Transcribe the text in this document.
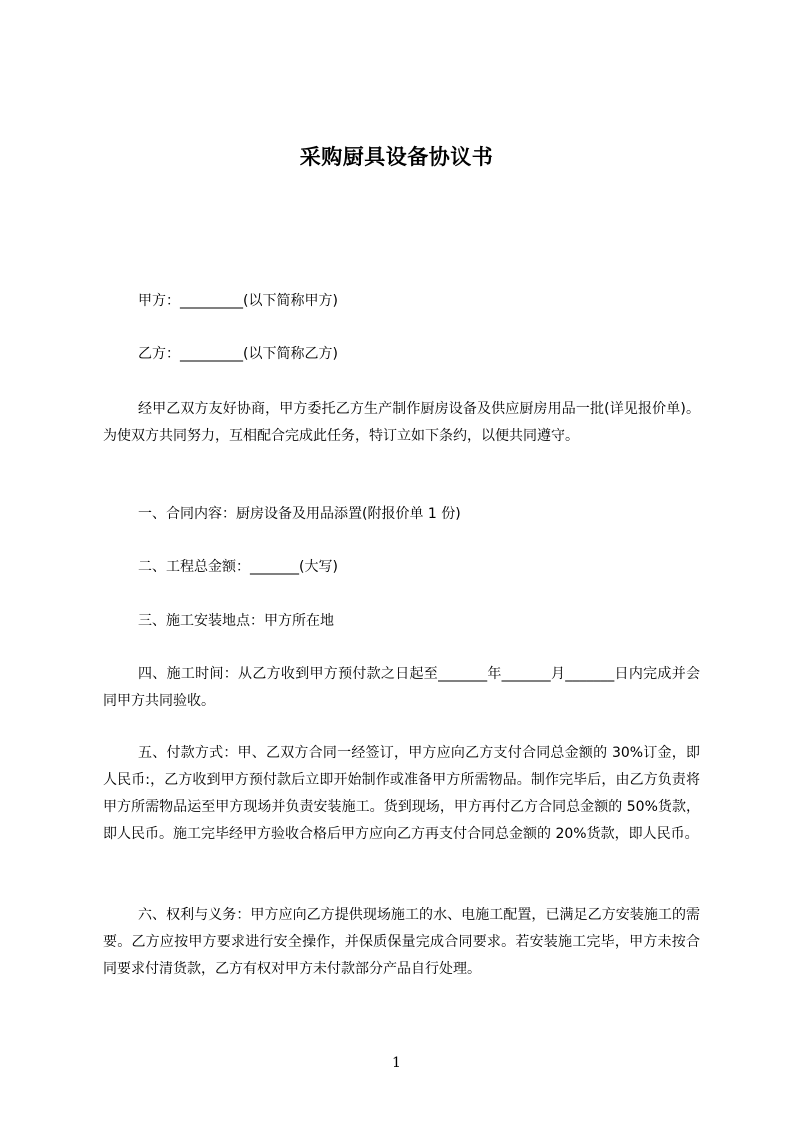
采购厨具设备协议书

甲方：_________(以下简称甲方)

乙方：_________(以下简称乙方)

经甲乙双方友好协商，甲方委托乙方生产制作厨房设备及供应厨房用品一批(详见报价单)。为使双方共同努力，互相配合完成此任务，特订立如下条约，以便共同遵守。

一、合同内容：厨房设备及用品添置(附报价单 1 份)

二、工程总金额：_______(大写)

三、施工安装地点：甲方所在地

四、施工时间：从乙方收到甲方预付款之日起至_______年_______月_______日内完成并会同甲方共同验收。

五、付款方式：甲、乙双方合同一经签订，甲方应向乙方支付合同总金额的 30%订金，即人民币:，乙方收到甲方预付款后立即开始制作或准备甲方所需物品。制作完毕后，由乙方负责将甲方所需物品运至甲方现场并负责安装施工。货到现场，甲方再付乙方合同总金额的 50%货款，即人民币。施工完毕经甲方验收合格后甲方应向乙方再支付合同总金额的 20%货款，即人民币。

六、权利与义务：甲方应向乙方提供现场施工的水、电施工配置，已满足乙方安装施工的需要。乙方应按甲方要求进行安全操作，并保质保量完成合同要求。若安装施工完毕，甲方未按合同要求付清货款，乙方有权对甲方未付款部分产品自行处理。

1
